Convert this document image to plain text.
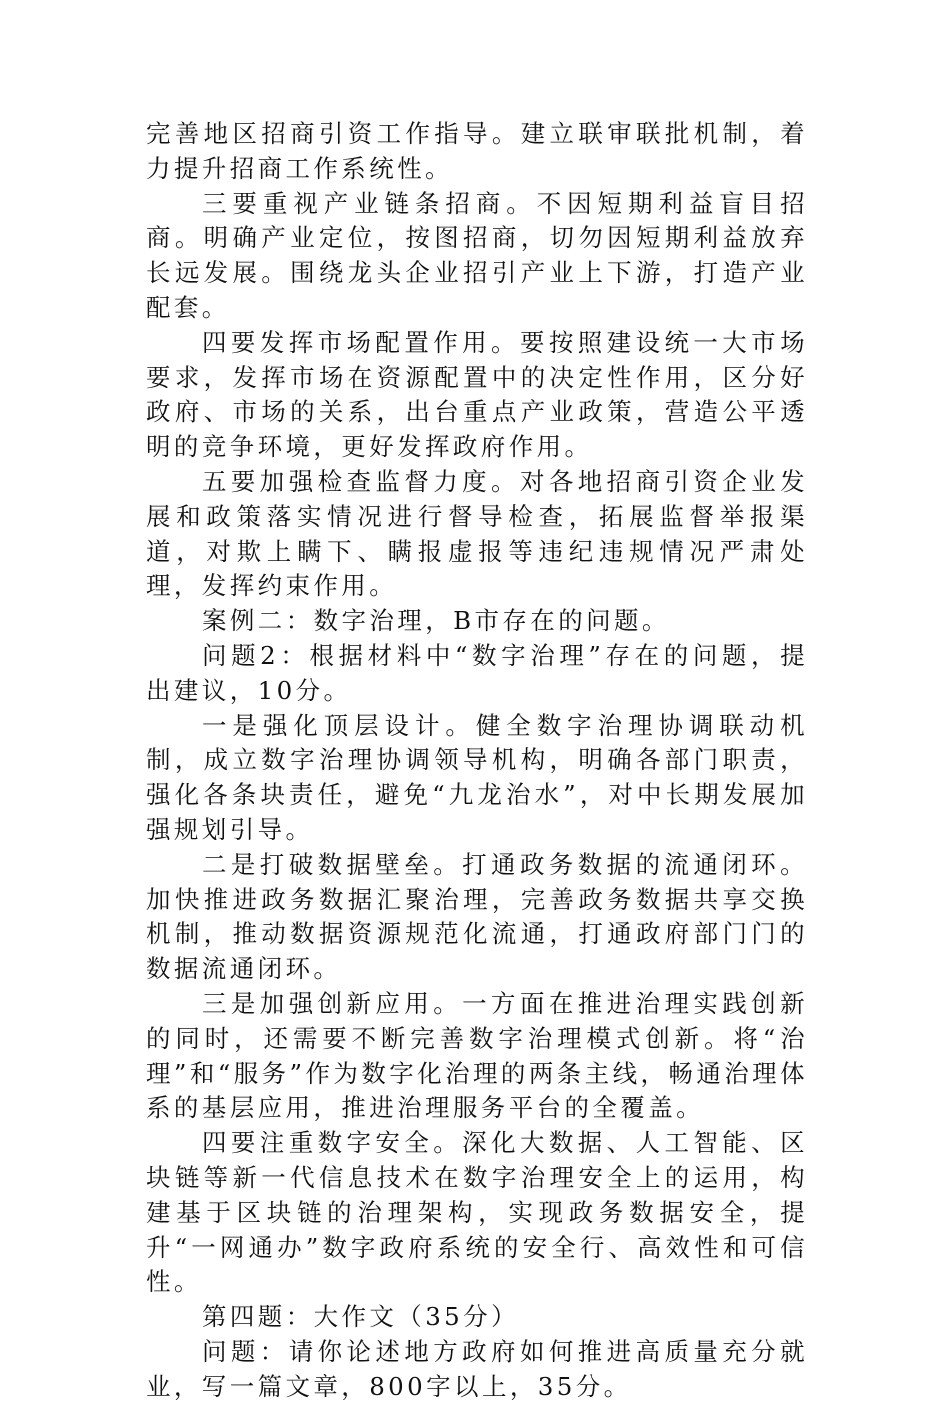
完善地区招商引资工作指导。建立联审联批机制，着力提升招商工作系统性。

三要重视产业链条招商。不因短期利益盲目招商。明确产业定位，按图招商，切勿因短期利益放弃长远发展。围绕龙头企业招引产业上下游，打造产业配套。

四要发挥市场配置作用。要按照建设统一大市场要求，发挥市场在资源配置中的决定性作用，区分好政府、市场的关系，出台重点产业政策，营造公平透明的竞争环境，更好发挥政府作用。

五要加强检查监督力度。对各地招商引资企业发展和政策落实情况进行督导检查，拓展监督举报渠道，对欺上瞒下、瞒报虚报等违纪违规情况严肃处理，发挥约束作用。

案例二：数字治理，B市存在的问题。

问题2：根据材料中“数字治理”存在的问题，提出建议，10分。

一是强化顶层设计。健全数字治理协调联动机制，成立数字治理协调领导机构，明确各部门职责，强化各条块责任，避免“九龙治水”，对中长期发展加强规划引导。

二是打破数据壁垒。打通政务数据的流通闭环。加快推进政务数据汇聚治理，完善政务数据共享交换机制，推动数据资源规范化流通，打通政府部门门的数据流通闭环。

三是加强创新应用。一方面在推进治理实践创新的同时，还需要不断完善数字治理模式创新。将“治理”和“服务”作为数字化治理的两条主线，畅通治理体系的基层应用，推进治理服务平台的全覆盖。

四要注重数字安全。深化大数据、人工智能、区块链等新一代信息技术在数字治理安全上的运用，构建基于区块链的治理架构，实现政务数据安全，提升“一网通办”数字政府系统的安全行、高效性和可信性。

第四题：大作文（35分）

问题：请你论述地方政府如何推进高质量充分就业，写一篇文章，800字以上，35分。
